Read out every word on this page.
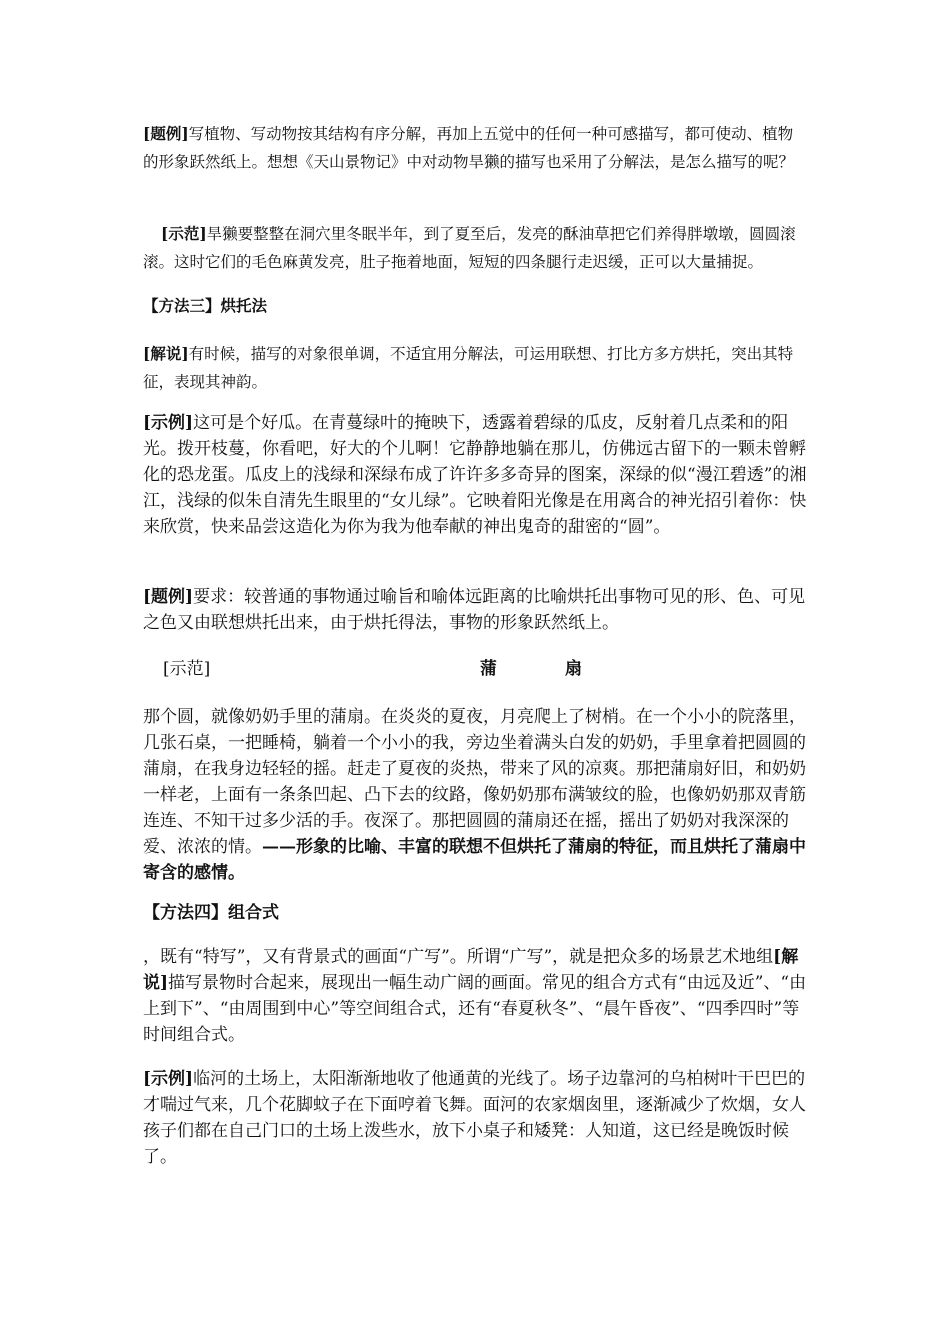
[题例]写植物、写动物按其结构有序分解，再加上五觉中的任何一种可感描写，都可使动、植物的形象跃然纸上。想想《天山景物记》中对动物旱獭的描写也采用了分解法，是怎么描写的呢？

[示范]旱獭要整整在洞穴里冬眠半年，到了夏至后，发亮的酥油草把它们养得胖墩墩，圆圆滚滚。这时它们的毛色麻黄发亮，肚子拖着地面，短短的四条腿行走迟缓，正可以大量捕捉。

【方法三】烘托法

[解说]有时候，描写的对象很单调，不适宜用分解法，可运用联想、打比方多方烘托，突出其特征，表现其神韵。

[示例]这可是个好瓜。在青蔓绿叶的掩映下，透露着碧绿的瓜皮，反射着几点柔和的阳光。拨开枝蔓，你看吧，好大的个儿啊！它静静地躺在那儿，仿佛远古留下的一颗未曾孵化的恐龙蛋。瓜皮上的浅绿和深绿布成了许许多多奇异的图案，深绿的似“漫江碧透”的湘江，浅绿的似朱自清先生眼里的“女儿绿”。它映着阳光像是在用离合的神光招引着你：快来欣赏，快来品尝这造化为你为我为他奉献的神出鬼奇的甜密的“圆”。

[题例]要求：较普通的事物通过喻旨和喻体远距离的比喻烘托出事物可见的形、色、可见之色又由联想烘托出来，由于烘托得法，事物的形象跃然纸上。

[示范]	蒲	扇

那个圆，就像奶奶手里的蒲扇。在炎炎的夏夜，月亮爬上了树梢。在一个小小的院落里，几张石桌，一把睡椅，躺着一个小小的我，旁边坐着满头白发的奶奶，手里拿着把圆圆的蒲扇，在我身边轻轻的摇。赶走了夏夜的炎热，带来了风的凉爽。那把蒲扇好旧，和奶奶一样老，上面有一条条凹起、凸下去的纹路，像奶奶那布满皱纹的脸，也像奶奶那双青筋连连、不知干过多少活的手。夜深了。那把圆圆的蒲扇还在摇，摇出了奶奶对我深深的爱、浓浓的情。——形象的比喻、丰富的联想不但烘托了蒲扇的特征，而且烘托了蒲扇中寄含的感情。

【方法四】组合式

，既有“特写”，又有背景式的画面“广写”。所谓“广写”，就是把众多的场景艺术地组[解说]描写景物时合起来，展现出一幅生动广阔的画面。常见的组合方式有“由远及近”、“由上到下”、“由周围到中心”等空间组合式，还有“春夏秋冬”、“晨午昏夜”、“四季四时”等时间组合式。

[示例]临河的土场上，太阳渐渐地收了他通黄的光线了。场子边靠河的乌柏树叶干巴巴的才喘过气来，几个花脚蚊子在下面哼着飞舞。面河的农家烟囱里，逐渐减少了炊烟，女人孩子们都在自己门口的土场上泼些水，放下小桌子和矮凳：人知道，这已经是晚饭时候了。
